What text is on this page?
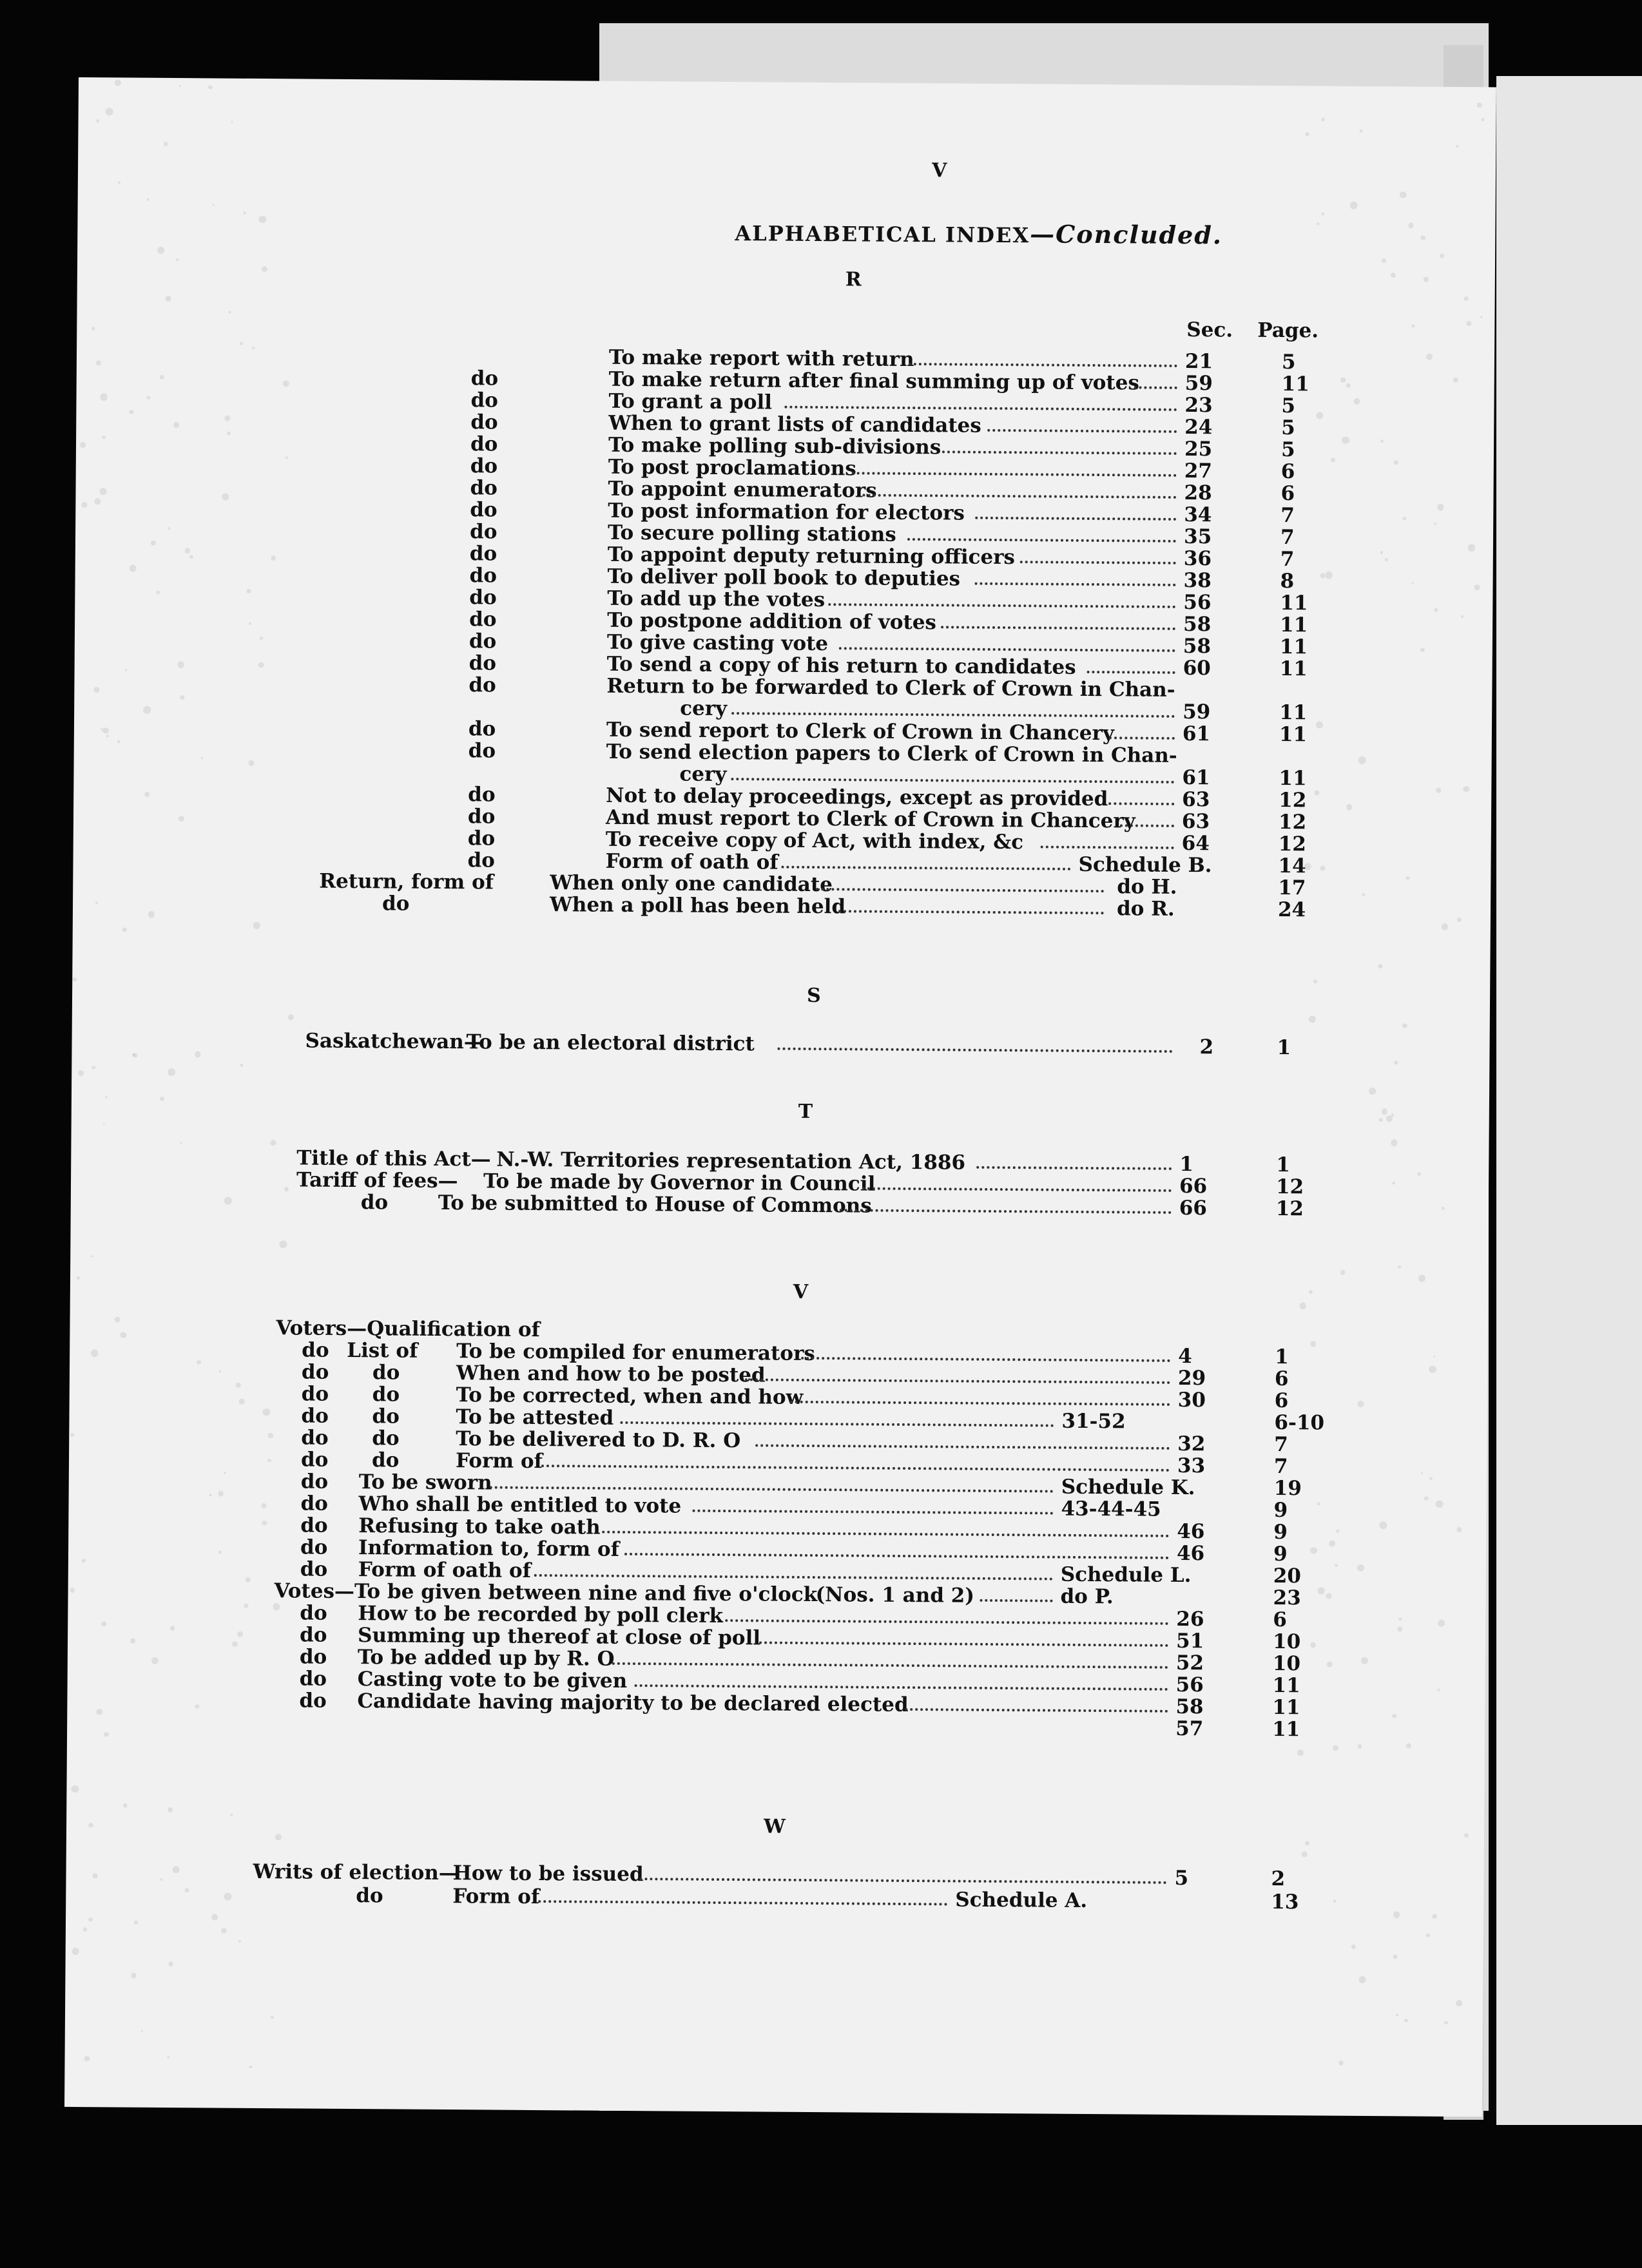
V
ALPHABETICAL INDEX—Concluded.
Sec. Page.
R
To make report with return	21	5
do	To make return after final summing up of votes 59	11
do	To grant a poll	23	5
do	When to grant lists of candidates	24	5
do	To make polling sub-divisions	25	5
do	To post proclamations	27	6
do	To appoint enumerators	28	6
do	To post information for electors	34	7
do	To secure polling stations	35	7
do	To appoint deputy returning officers	36	7
do	To deliver poll book to deputies	38	8
do	To add up the votes	56	11
do	To postpone addition of votes	58	11
do	To give casting vote	58	11
do	To send a copy of his return to candidates	60	11
do	Return to be forwarded to Clerk of Crown in Chan-
cery	59	11
do	To send report to Clerk of Crown in Chancery	61	11
do	To send election papers to Clerk of Crown in Chan-
cery	61	11
do	Not to delay proceedings, except as provided	63	12
do	And must report to Clerk of Crown in Chancery 63	12
do	To receive copy of Act, with index, &c	64	12
do	Form of oath of	Schedule B.	14
Return, form of	When only one candidate	do H.	17
do	When a poll has been held	do R.	24
S
Saskatchewan—
To be an electoral district	2	1
T
Title of this Act— N.-W. Territories representation Act, 1886	1	1
Tariff of fees— To be made by Governor in Council	66	12
do To be submitted to House of Commons	66	12
V
Voters—Qualification of
do List of To be compiled for enumerators	4	1
do do	When and how to be posted	29	6
do do	To be corrected, when and how	30	6
do do	To be attested	31-52	6-10
do do	To be delivered to D. R. O	32	7
do do	Form of	33	7
do To be sworn	Schedule K.	19
do Who shall be entitled to vote	43-44-45	9
do Refusing to take oath	46	9
do Information to, form of	46	9
do Form of oath of	Schedule L.	20
Votes—To be given between nine and five o'clock
(Nos. 1 and 2)	do P.	23
do How to be recorded by poll clerk	26	6
do Summing up thereof at close of poll	51	10
do To be added up by R. O	52	10
do Casting vote to be given	56	11
do Candidate having majority to be declared elected	58	11
57	11
W
Writs of election—
How to be issued	5	2
do	Form of	Schedule A.	13
